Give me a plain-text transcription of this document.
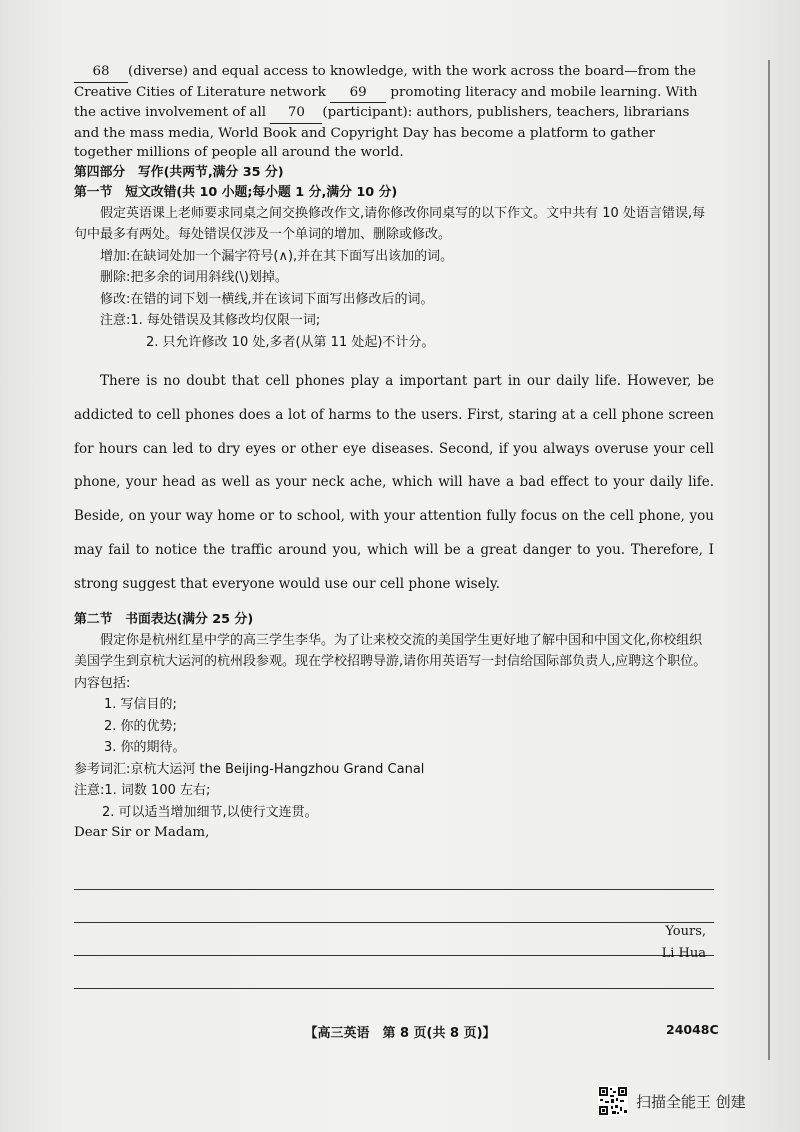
68 (diverse) and equal access to knowledge, with the work across the board—from the Creative Cities of Literature network 69 promoting literacy and mobile learning. With the active involvement of all 70 (participant): authors, publishers, teachers, librarians and the mass media, World Book and Copyright Day has become a platform to gather together millions of people all around the world.
第四部分　写作(共两节,满分 35 分)
第一节　短文改错(共 10 小题;每小题 1 分,满分 10 分)
假定英语课上老师要求同桌之间交换修改作文,请你修改你同桌写的以下作文。文中共有 10 处语言错误,每句中最多有两处。每处错误仅涉及一个单词的增加、删除或修改。
增加:在缺词处加一个漏字符号(∧),并在其下面写出该加的词。
删除:把多余的词用斜线(\)划掉。
修改:在错的词下划一横线,并在该词下面写出修改后的词。
注意:1. 每处错误及其修改均仅限一词;
2. 只允许修改 10 处,多者(从第 11 处起)不计分。
There is no doubt that cell phones play a important part in our daily life. However, be addicted to cell phones does a lot of harms to the users. First, staring at a cell phone screen for hours can led to dry eyes or other eye diseases. Second, if you always overuse your cell phone, your head as well as your neck ache, which will have a bad effect to your daily life. Beside, on your way home or to school, with your attention fully focus on the cell phone, you may fail to notice the traffic around you, which will be a great danger to you. Therefore, I strong suggest that everyone would use our cell phone wisely.
第二节　书面表达(满分 25 分)
假定你是杭州红星中学的高三学生李华。为了让来校交流的美国学生更好地了解中国和中国文化,你校组织美国学生到京杭大运河的杭州段参观。现在学校招聘导游,请你用英语写一封信给国际部负责人,应聘这个职位。内容包括:
1. 写信目的;
2. 你的优势;
3. 你的期待。
参考词汇:京杭大运河 the Beijing-Hangzhou Grand Canal
注意:1. 词数 100 左右;
2. 可以适当增加细节,以使行文连贯。
Dear Sir or Madam,
Yours,
Li Hua
【高三英语　第 8 页(共 8 页)】	24048C
扫描全能王 创建
